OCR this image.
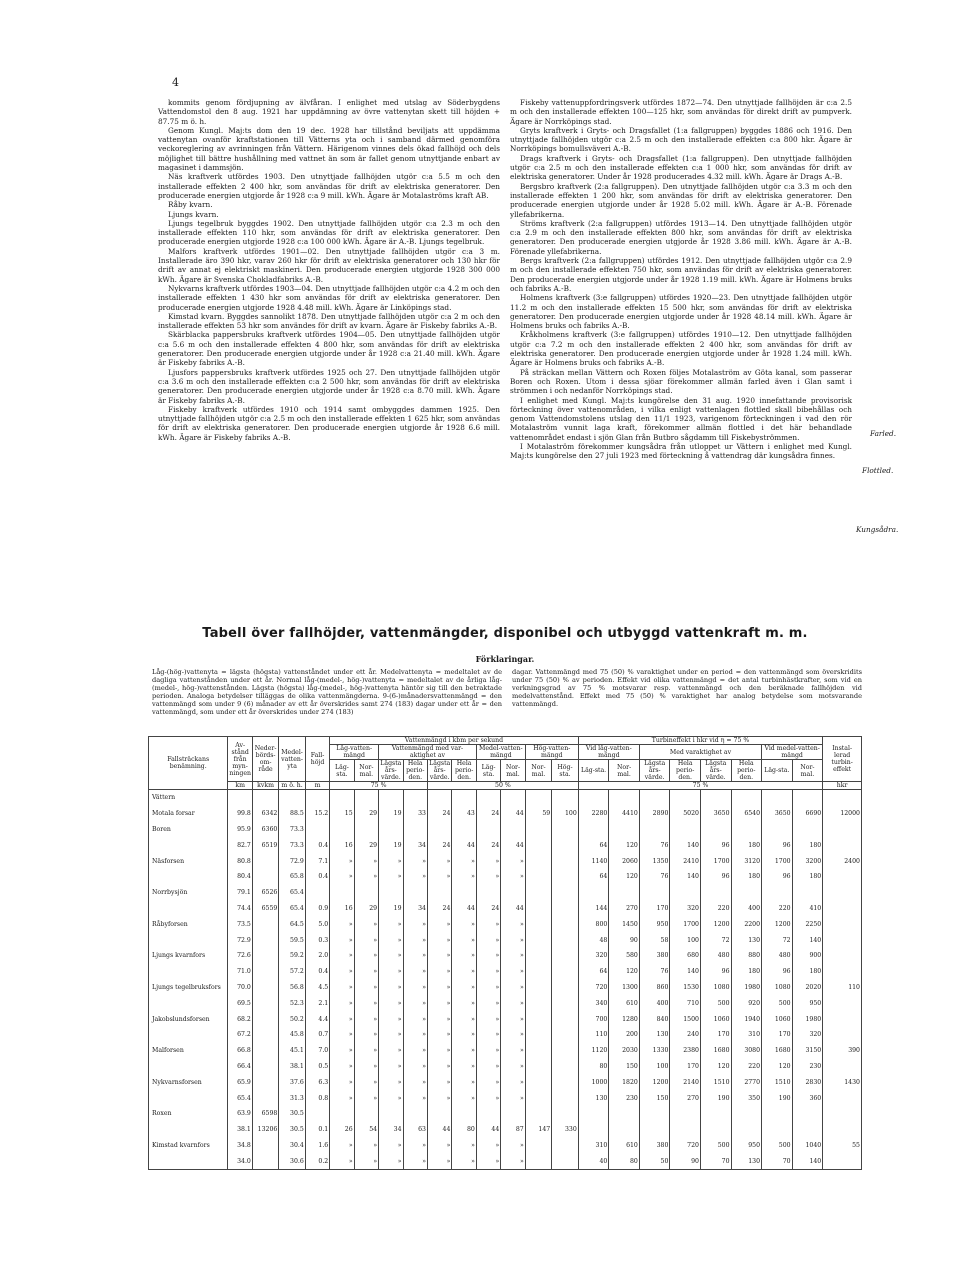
4

kommits genom fördjupning av älvfåran. I enlighet med utslag av Söderbygdens Vattendomstol den 8 aug. 1921 har uppdämning av övre vattenytan skett till höjden + 87.75 m ö. h.

Genom Kungl. Maj:ts dom den 19 dec. 1928 har tillstånd beviljats att uppdämma vattenytan ovanför kraftstationen till Vätterns yta och i samband därmed genomföra veckoreglering av avrinningen från Vättern. Härigenom vinnes dels ökad fallhöjd och dels möjlighet till bättre hushållning med vattnet än som är fallet genom utnyttjande enbart av magasinet i dammsjön.

Näs kraftverk utfördes 1903. Den utnyttjade fallhöjden utgör c:a 5.5 m och den installerade effekten 2 400 hkr, som användas för drift av elektriska generatorer. Den producerade energien utgjorde år 1928 c:a 9 mill. kWh. Ägare är Motalaströms kraft AB.

Råby kvarn.

Ljungs kvarn.

Ljungs tegelbruk byggdes 1902. Den utnyttjade fallhöjden utgör c:a 2.3 m och den installerade effekten 110 hkr, som användas för drift av elektriska generatorer. Den producerade energien utgjorde 1928 c:a 100 000 kWh. Ägare är A.-B. Ljungs tegelbruk.

Malfors kraftverk utfördes 1901—02. Den utnyttjade fallhöjden utgör c:a 3 m. Installerade äro 390 hkr, varav 260 hkr för drift av elektriska generatorer och 130 hkr för drift av annat ej elektriskt maskineri. Den producerade energien utgjorde 1928 300 000 kWh. Ägare är Svenska Chokladfabriks A.-B.

Nykvarns kraftverk utfördes 1903—04. Den utnyttjade fallhöjden utgör c:a 4.2 m och den installerade effekten 1 430 hkr som användas för drift av elektriska generatorer. Den producerade energien utgjorde 1928 4.48 mill. kWh. Ägare är Linköpings stad.

Kimstad kvarn. Byggdes sannolikt 1878. Den utnyttjade fallhöjden utgör c:a 2 m och den installerade effekten 53 hkr som användes för drift av kvarn. Ägare är Fiskeby fabriks A.-B.

Skärblacka pappersbruks kraftverk utfördes 1904—05. Den utnyttjade fallhöjden utgör c:a 5.6 m och den installerade effekten 4 800 hkr, som användas för drift av elektriska generatorer. Den producerade energien utgjorde under år 1928 c:a 21.40 mill. kWh. Ägare är Fiskeby fabriks A.-B.

Ljusfors pappersbruks kraftverk utfördes 1925 och 27. Den utnyttjade fallhöjden utgör c:a 3.6 m och den installerade effekten c:a 2 500 hkr, som användas för drift av elektriska generatorer. Den producerade energien utgjorde under år 1928 c:a 8.70 mill. kWh. Ägare är Fiskeby fabriks A.-B.

Fiskeby kraftverk utfördes 1910 och 1914 samt ombyggdes dammen 1925. Den utnyttjade fallhöjden utgör c:a 2.5 m och den installerade effekten 1 625 hkr, som användas för drift av elektriska generatorer. Den producerade energien utgjorde år 1928 6.6 mill. kWh. Ägare är Fiskeby fabriks A.-B.

Fiskeby vattenuppfordringsverk utfördes 1872—74. Den utnyttjade fallhöjden är c:a 2.5 m och den installerade effekten 100—125 hkr, som användas för direkt drift av pumpverk. Ägare är Norrköpings stad.

Gryts kraftverk i Gryts- och Dragsfallet (1:a fallgruppen) byggdes 1886 och 1916. Den utnyttjade fallhöjden utgör c:a 2.5 m och den installerade effekten c:a 800 hkr. Ägare är Norrköpings bomullsväveri A.-B.

Drags kraftverk i Gryts- och Dragsfallet (1:a fallgruppen). Den utnyttjade fallhöjden utgör c:a 2.5 m och den installerade effekten c:a 1 000 hkr, som användas för drift av elektriska generatorer. Under år 1928 producerades 4.32 mill. kWh. Ägare är Drags A.-B.

Bergsbro kraftverk (2:a fallgruppen). Den utnyttjade fallhöjden utgör c:a 3.3 m och den installerade effekten 1 200 hkr, som användas för drift av elektriska generatorer. Den producerade energien utgjorde under år 1928 5.02 mill. kWh. Ägare är A.-B. Förenade yllefabrikerna.

Ströms kraftverk (2:a fallgruppen) utfördes 1913—14. Den utnyttjade fallhöjden utgör c:a 2.9 m och den installerade effekten 800 hkr, som användas för drift av elektriska generatorer. Den producerade energien utgjorde år 1928 3.86 mill. kWh. Ägare är A.-B. Förenade yllefabrikerna.

Bergs kraftverk (2:a fallgruppen) utfördes 1912. Den utnyttjade fallhöjden utgör c:a 2.9 m och den installerade effekten 750 hkr, som användas för drift av elektriska generatorer. Den producerade energien utgjorde under år 1928 1.19 mill. kWh. Ägare är Holmens bruks och fabriks A.-B.

Holmens kraftverk (3:e fallgruppen) utfördes 1920—23. Den utnyttjade fallhöjden utgör 11.2 m och den installerade effekten 15 500 hkr, som användas för drift av elektriska generatorer. Den producerade energien utgjorde under år 1928 48.14 mill. kWh. Ägare är Holmens bruks och fabriks A.-B.

Kråkholmens kraftverk (3:e fallgruppen) utfördes 1910—12. Den utnyttjade fallhöjden utgör c:a 7.2 m och den installerade effekten 2 400 hkr, som användas för drift av elektriska generatorer. Den producerade energien utgjorde under år 1928 1.24 mill. kWh. Ägare är Holmens bruks och fabriks A.-B.

På sträckan mellan Vättern och Roxen följes Motalaström av Göta kanal, som passerar Boren och Roxen. Utom i dessa sjöar förekommer allmän farled även i Glan samt i strömmen i och nedanför Norrköpings stad.

I enlighet med Kungl. Maj:ts kungörelse den 31 aug. 1920 innefattande provisorisk förteckning över vattenområden, i vilka enligt vattenlagen flottled skall bibehållas och genom Vattendomstolens utslag den 11/1 1923, varigenom förteckningen i vad den rör Motalaström vunnit laga kraft, förekommer allmän flottled i det här behandlade vattenområdet endast i sjön Glan från Butbro sågdamm till Fiskebyströmmen.

I Motalaström förekommer kungsådra från utloppet ur Vättern i enlighet med Kungl. Maj:ts kungörelse den 27 juli 1923 med förteckning å vattendrag där kungsådra finnes.

Farled.
Flottled.
Kungsådra.
Tabell över fallhöjder, vattenmängder, disponibel och utbyggd vattenkraft m. m.
Förklaringar.
Låg-(hög-)vattenyta = lägsta (högsta) vattenståndet under ett år. Medelvattenyta = medeltalet av de dagliga vattenstånden under ett år. Normal låg-(medel-, hög-)vattenyta = medeltalet av de årliga låg-(medel-, hög-)vattenstånden. Lägsta (högsta) låg-(medel-, hög-)vattenyta häntör sig till den betraktade perioden. Analoga betydelser tilläggas de olika vattenmängderna. 9-(6-)månadersvattenmängd = den vattenmängd som under 9 (6) månader av ett år överskrides samt 274 (183) dagar under ett år = den vattenmängd, som under ett år överskrides under 274 (183)
dagar. Vattenmängd med 75 (50) % varaktighet under en period = den vattenmängd som överskridits under 75 (50) % av perioden. Effekt vid olika vattenmängd = det antal turbinhästkrafter, som vid en verkningsgrad av 75 % motsvarar resp. vattenmängd och den beräknade fallhöjden vid medelvattenstånd. Effekt med 75 (50) % varaktighet har analog betydelse som motsvarande vattenmängd.
Fallsträckans benämning.	Av-stånd från myn-ningen	Neder-börds-om-råde	Medel-vatten-yta	Fall-höjd	Vattenmängd i kbm per sekund										Turbineffekt i hkr vid η = 75 %								Instal-lerad turbin-effekt
					Låg-vatten-mängd		Vattenmängd med var-aktighet av				Medel-vatten-mängd		Hög-vatten-mängd		Vid låg-vatten-mängd		Med varaktighet av				Vid medel-vatten-mängd		
					Läg-sta.	Nor-mal.	Lägsta års-värde.	Hela perio-den.	Lägsta års-värde.	Hela perio-den.	Läg-sta.	Nor-mal.	Nor-mal.	Hög-sta.	Läg-sta.	Nor-mal.	Lägsta års-värde.	Hela perio-den.	Lägsta års-värde.	Hela perio-den.	Läg-sta.	Nor-mal.	
	km	kvkm	m ö. h.	m	75 %				50 %						75 %								hkr
Vättern																							
Motala forsar	99.8	6342	88.5	15.2	15	29	19	33	24	43	24	44	59	100	2280	4410	2890	5020	3650	6540	3650	6690	12000
Boren	95.9	6360	73.3																				
	82.7	6519	73.3	0.4	16	29	19	34	24	44	24	44			64	120	76	140	96	180	96	180	
Näsforsen	80.8		72.9	7.1	»	»	»	»	»	»	»	»			1140	2060	1350	2410	1700	3120	1700	3200	2400
	80.4		65.8	0.4	»	»	»	»	»	»	»	»			64	120	76	140	96	180	96	180	
Norrbysjön	79.1	6526	65.4																				
	74.4	6559	65.4	0.9	16	29	19	34	24	44	24	44			144	270	170	320	220	400	220	410	
Råbyforsen	73.5		64.5	5.0	»	»	»	»	»	»	»	»			800	1450	950	1700	1200	2200	1200	2250	
	72.9		59.5	0.3	»	»	»	»	»	»	»	»			48	90	58	100	72	130	72	140	
Ljungs kvarnfors	72.6		59.2	2.0	»	»	»	»	»	»	»	»			320	580	380	680	480	880	480	900	
	71.0		57.2	0.4	»	»	»	»	»	»	»	»			64	120	76	140	96	180	96	180	
Ljungs tegelbruksfors	70.0		56.8	4.5	»	»	»	»	»	»	»	»			720	1300	860	1530	1080	1980	1080	2020	110
	69.5		52.3	2.1	»	»	»	»	»	»	»	»			340	610	400	710	500	920	500	950	
Jakobslundsforsen	68.2		50.2	4.4	»	»	»	»	»	»	»	»			700	1280	840	1500	1060	1940	1060	1980	
	67.2		45.8	0.7	»	»	»	»	»	»	»	»			110	200	130	240	170	310	170	320	
Malforsen	66.8		45.1	7.0	»	»	»	»	»	»	»	»			1120	2030	1330	2380	1680	3080	1680	3150	390
	66.4		38.1	0.5	»	»	»	»	»	»	»	»			80	150	100	170	120	220	120	230	
Nykvarnsforsen	65.9		37.6	6.3	»	»	»	»	»	»	»	»			1000	1820	1200	2140	1510	2770	1510	2830	1430
	65.4		31.3	0.8	»	»	»	»	»	»	»	»			130	230	150	270	190	350	190	360	
Roxen	63.9	6598	30.5																				
	38.1	13206	30.5	0.1	26	54	34	63	44	80	44	87	147	330									
Kimstad kvarnfors	34.8		30.4	1.6	»	»	»	»	»	»	»	»			310	610	380	720	500	950	500	1040	55
	34.0		30.6	0.2	»	»	»	»	»	»	»	»			40	80	50	90	70	130	70	140	
